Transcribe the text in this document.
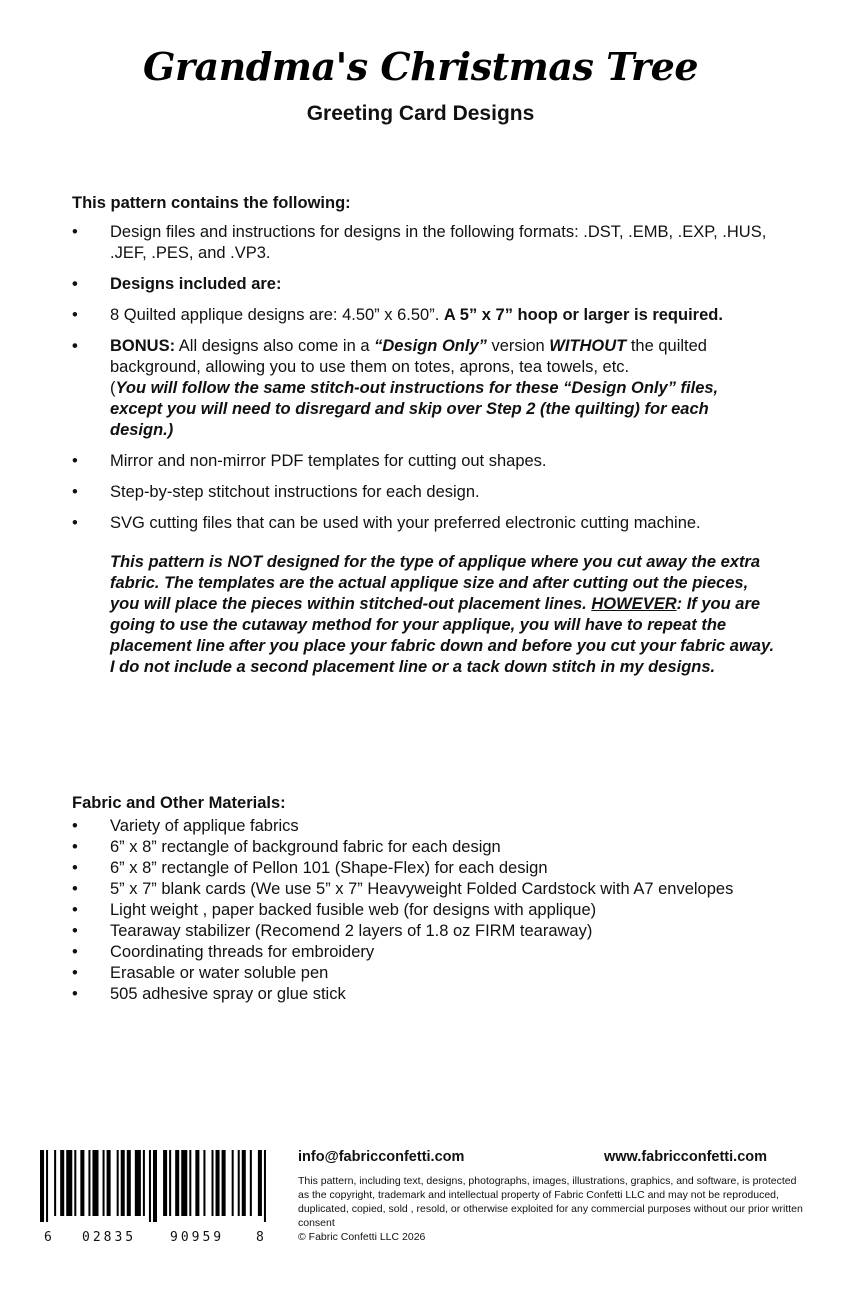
Grandma's Christmas Tree
Greeting Card Designs
This pattern contains the following:
•	Design files and instructions for designs in the following formats: .DST, .EMB, .EXP, .HUS, .JEF, .PES, and .VP3.
•	Designs included are:
•	8 Quilted applique designs are: 4.50” x 6.50”. A 5” x 7” hoop or larger is required.
•	BONUS: All designs also come in a “Design Only” version WITHOUT the quilted background, allowing you to use them on totes, aprons, tea towels, etc.
(You will follow the same stitch-out instructions for these “Design Only” files, except you will need to disregard and skip over Step 2 (the quilting) for each design.)
•	Mirror and non-mirror PDF templates for cutting out shapes.
•	Step-by-step stitchout instructions for each design.
•	SVG cutting files that can be used with your preferred electronic cutting machine.

This pattern is NOT designed for the type of applique where you cut away the extra fabric. The templates are the actual applique size and after cutting out the pieces, you will place the pieces within stitched-out placement lines. HOWEVER: If you are going to use the cutaway method for your applique, you will have to repeat the placement line after you place your fabric down and before you cut your fabric away. I do not include a second placement line or a tack down stitch in my designs.

Fabric and Other Materials:
•	Variety of applique fabrics
•	6” x 8” rectangle of background fabric for each design
•	6” x 8” rectangle of Pellon 101 (Shape-Flex) for each design
•	5” x 7” blank cards (We use 5” x 7” Heavyweight Folded Cardstock with A7 envelopes
•	Light weight , paper backed fusible web (for designs with applique)
•	Tearaway stabilizer (Recomend 2 layers of 1.8 oz FIRM tearaway)
•	Coordinating threads for embroidery
•	Erasable or water soluble pen
•	505 adhesive spray or glue stick
6 02835	90959 8
info@fabricconfetti.com	www.fabricconfetti.com
This pattern, including text, designs, photographs, images, illustrations, graphics, and software, is protected as the copyright, trademark and intellectual property of Fabric Confetti LLC and may not be reproduced, duplicated, copied, sold , resold, or otherwise exploited for any commercial purposes without our prior written consent
© Fabric Confetti LLC 2026
